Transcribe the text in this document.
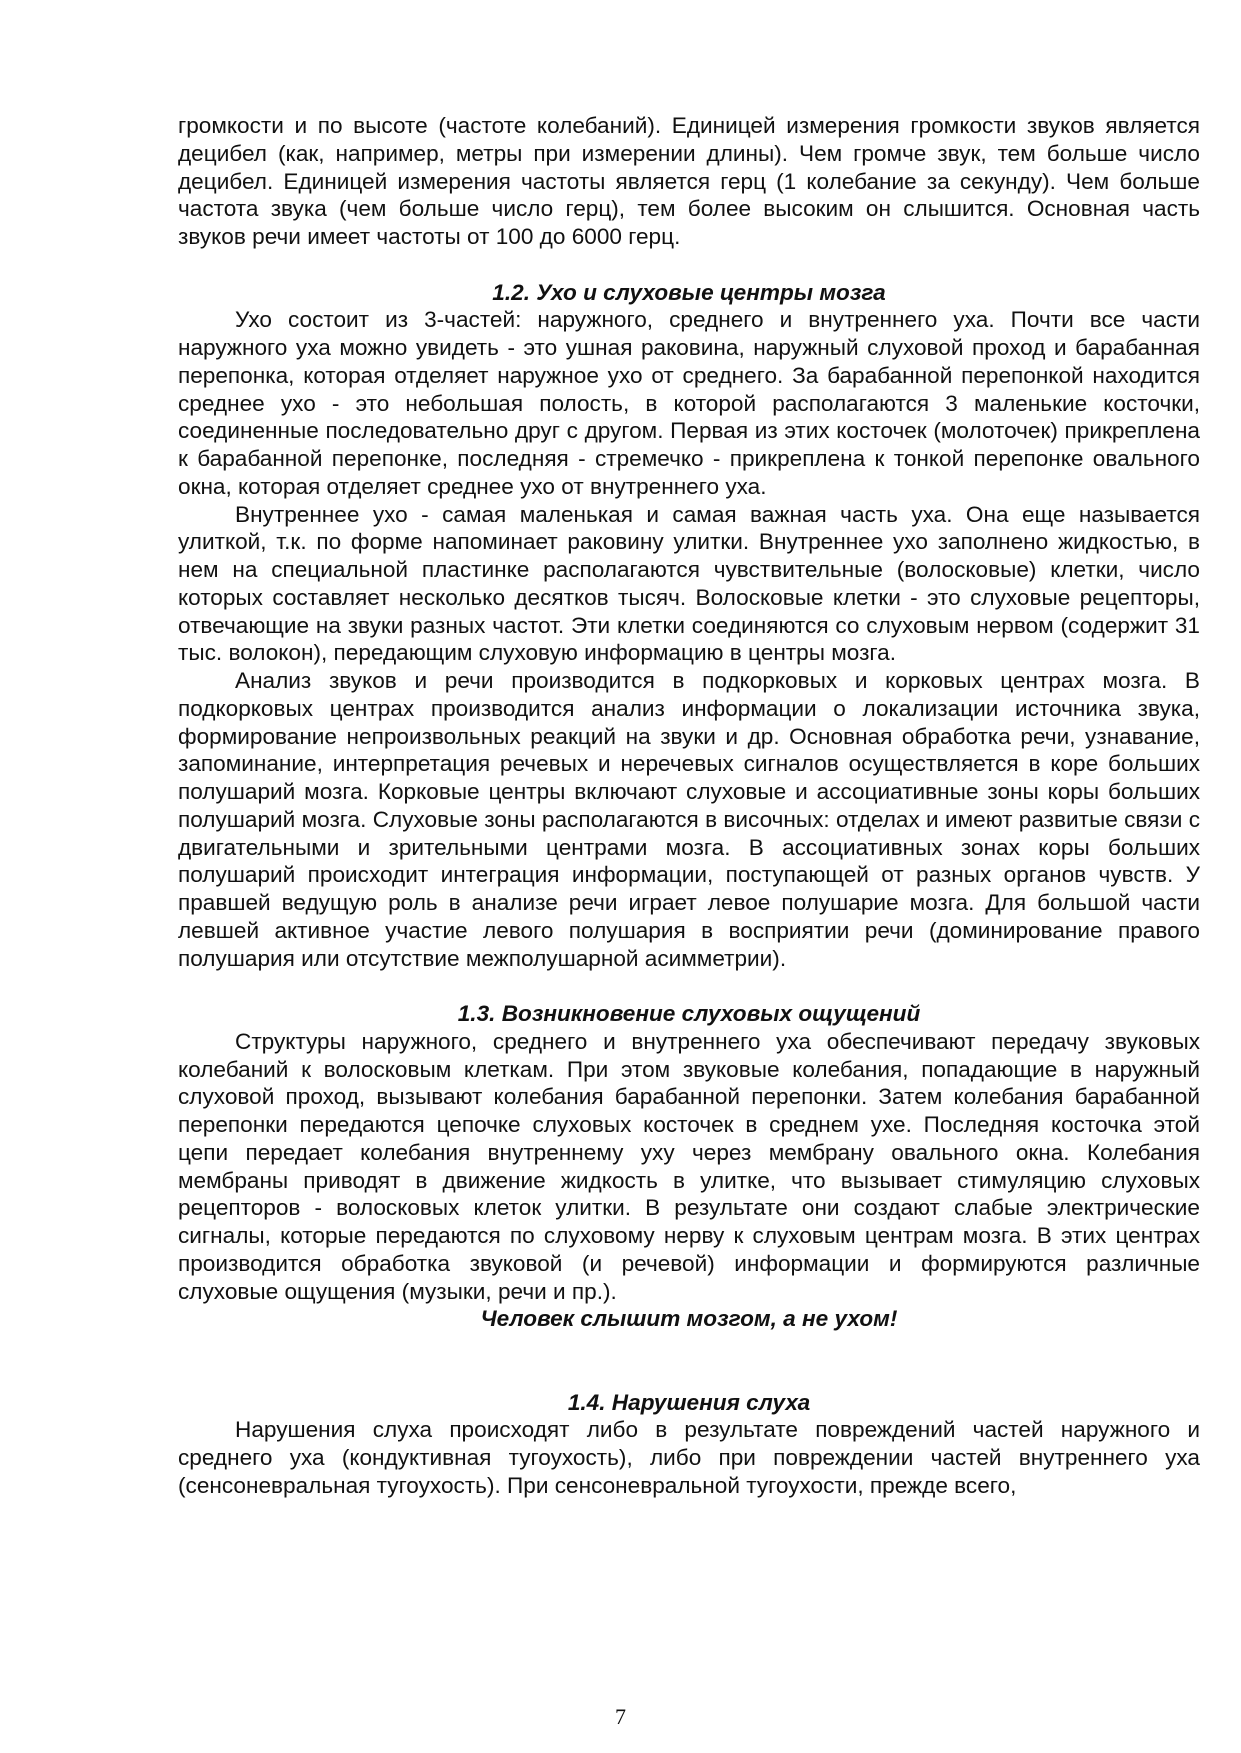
громкости и по высоте (частоте колебаний). Единицей измерения громкости звуков является децибел (как, например, метры при измерении длины). Чем громче звук, тем больше число децибел. Единицей измерения частоты является герц (1 колебание за секунду). Чем больше частота звука (чем больше число герц), тем более высоким он слышится. Основная часть звуков речи имеет частоты от 100 до 6000 герц.

1.2. Ухо и слуховые центры мозга

Ухо состоит из 3-частей: наружного, среднего и внутреннего уха. Почти все части наружного уха можно увидеть - это ушная раковина, наружный слуховой проход и барабанная перепонка, которая отделяет наружное ухо от среднего. За барабанной перепонкой находится среднее ухо - это небольшая полость, в которой располагаются 3 маленькие косточки, соединенные последовательно друг с другом. Первая из этих косточек (молоточек) прикреплена к барабанной перепонке, последняя - стремечко - прикреплена к тонкой перепонке овального окна, которая отделяет среднее ухо от внутреннего уха.

Внутреннее ухо - самая маленькая и самая важная часть уха. Она еще называется улиткой, т.к. по форме напоминает раковину улитки. Внутреннее ухо заполнено жидкостью, в нем на специальной пластинке располагаются чувствительные (волосковые) клетки, число которых составляет несколько десятков тысяч. Волосковые клетки - это слуховые рецепторы, отвечающие на звуки разных частот. Эти клетки соединяются со слуховым нервом (содержит 31 тыс. волокон), передающим слуховую информацию в центры мозга.

Анализ звуков и речи производится в подкорковых и корковых центрах мозга. В подкорковых центрах производится анализ информации о локализации источника звука, формирование непроизвольных реакций на звуки и др. Основная обработка речи, узнавание, запоминание, интерпретация речевых и неречевых сигналов осуществляется в коре больших полушарий мозга. Корковые центры включают слуховые и ассоциативные зоны коры больших полушарий мозга. Слуховые зоны располагаются в височных: отделах и имеют развитые связи с двигательными и зрительными центрами мозга. В ассоциативных зонах коры больших полушарий происходит интеграция информации, поступающей от разных органов чувств. У правшей ведущую роль в анализе речи играет левое полушарие мозга. Для большой части левшей активное участие левого полушария в восприятии речи (доминирование правого полушария или отсутствие межполушарной асимметрии).

1.3. Возникновение слуховых ощущений

Структуры наружного, среднего и внутреннего уха обеспечивают передачу звуковых колебаний к волосковым клеткам. При этом звуковые колебания, попадающие в наружный слуховой проход, вызывают колебания барабанной перепонки. Затем колебания барабанной перепонки передаются цепочке слуховых косточек в среднем ухе. Последняя косточка этой цепи передает колебания внутреннему уху через мембрану овального окна. Колебания мембраны приводят в движение жидкость в улитке, что вызывает стимуляцию слуховых рецепторов - волосковых клеток улитки. В результате они создают слабые электрические сигналы, которые передаются по слуховому нерву к слуховым центрам мозга. В этих центрах производится обработка звуковой (и речевой) информации и формируются различные слуховые ощущения (музыки, речи и пр.).

Человек слышит мозгом, а не ухом!

1.4. Нарушения слуха

Нарушения слуха происходят либо в результате повреждений частей наружного и среднего уха (кондуктивная тугоухость), либо при повреждении частей внутреннего уха (сенсоневральная тугоухость). При сенсоневральной тугоухости, прежде всего,

7
